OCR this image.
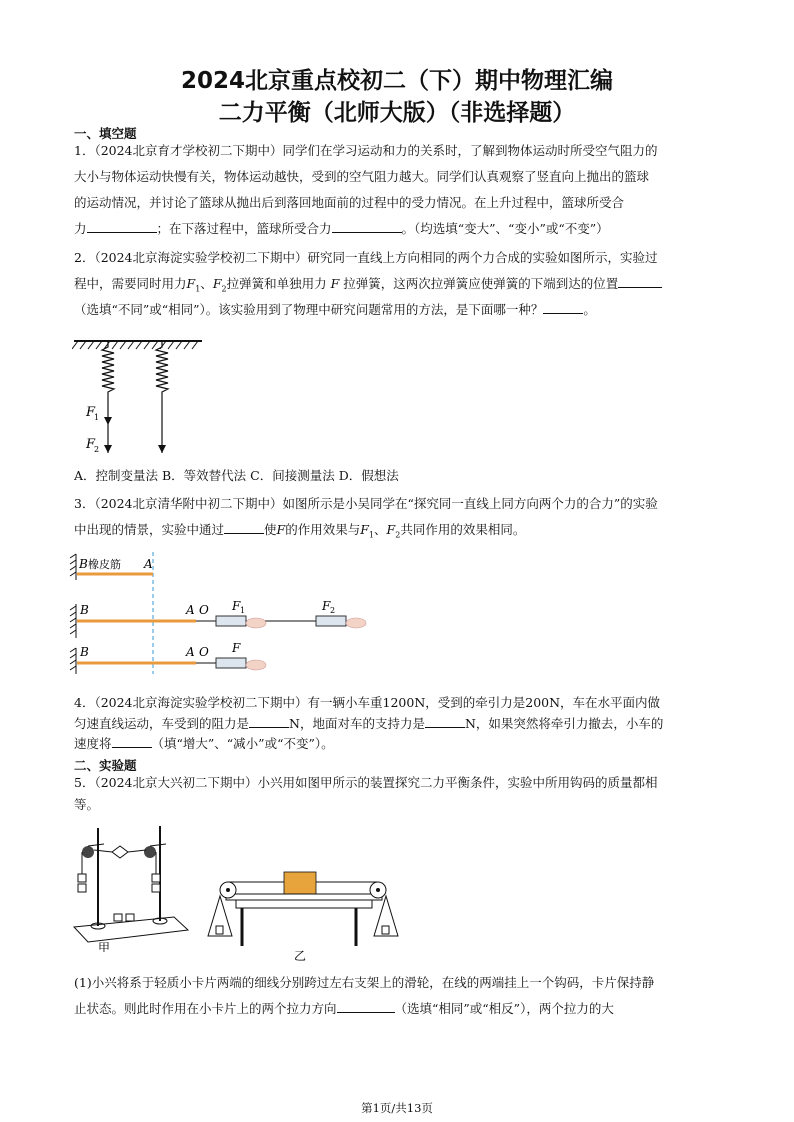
2024北京重点校初二（下）期中物理汇编
二力平衡（北师大版）（非选择题）
一、填空题
1．（2024北京育才学校初二下期中）同学们在学习运动和力的关系时，了解到物体运动时所受空气阻力的
大小与物体运动快慢有关，物体运动越快，受到的空气阻力越大。同学们认真观察了竖直向上抛出的篮球
的运动情况，并讨论了篮球从抛出后到落回地面前的过程中的受力情况。在上升过程中，篮球所受合
力	；在下落过程中，篮球所受合力	。（均选填“变大”、“变小”或“不变”）
2．（2024北京海淀实验学校初二下期中）研究同一直线上方向相同的两个力合成的实验如图所示，实验过
程中，需要同时用力$F_1$、$F_2$拉弹簧和单独用力 F 拉弹簧，这两次拉弹簧应使弹簧的下端到达的位置
（选填“不同”或“相同”）。该实验用到了物理中研究问题常用的方法，是下面哪一种？	。
F
1
F
2
A．控制变量法 B．等效替代法 C．间接测量法 D．假想法
3．（2024北京清华附中初二下期中）如图所示是小吴同学在“探究同一直线上同方向两个力的合力”的实验
中出现的情景，实验中通过	使F的作用效果与$F_1$、$F_2$共同作用的效果相同。
B 橡皮筋 A
B	A O F 1	F 2
B	A O F
4．（2024北京海淀实验学校初二下期中）有一辆小车重1200N，受到的牵引力是200N，车在水平面内做
匀速直线运动，车受到的阻力是	N，地面对车的支持力是	N，如果突然将牵引力撤去，小车的
速度将	（填“增大”、“减小”或“不变”）。
二、实验题
5．（2024北京大兴初二下期中）小兴用如图甲所示的装置探究二力平衡条件，实验中所用钩码的质量都相
等。
甲
乙
(1)小兴将系于轻质小卡片两端的细线分别跨过左右支架上的滑轮，在线的两端挂上一个钩码，卡片保持静
止状态。则此时作用在小卡片上的两个拉力方向	（选填“相同”或“相反”），两个拉力的大
第1页/共13页
